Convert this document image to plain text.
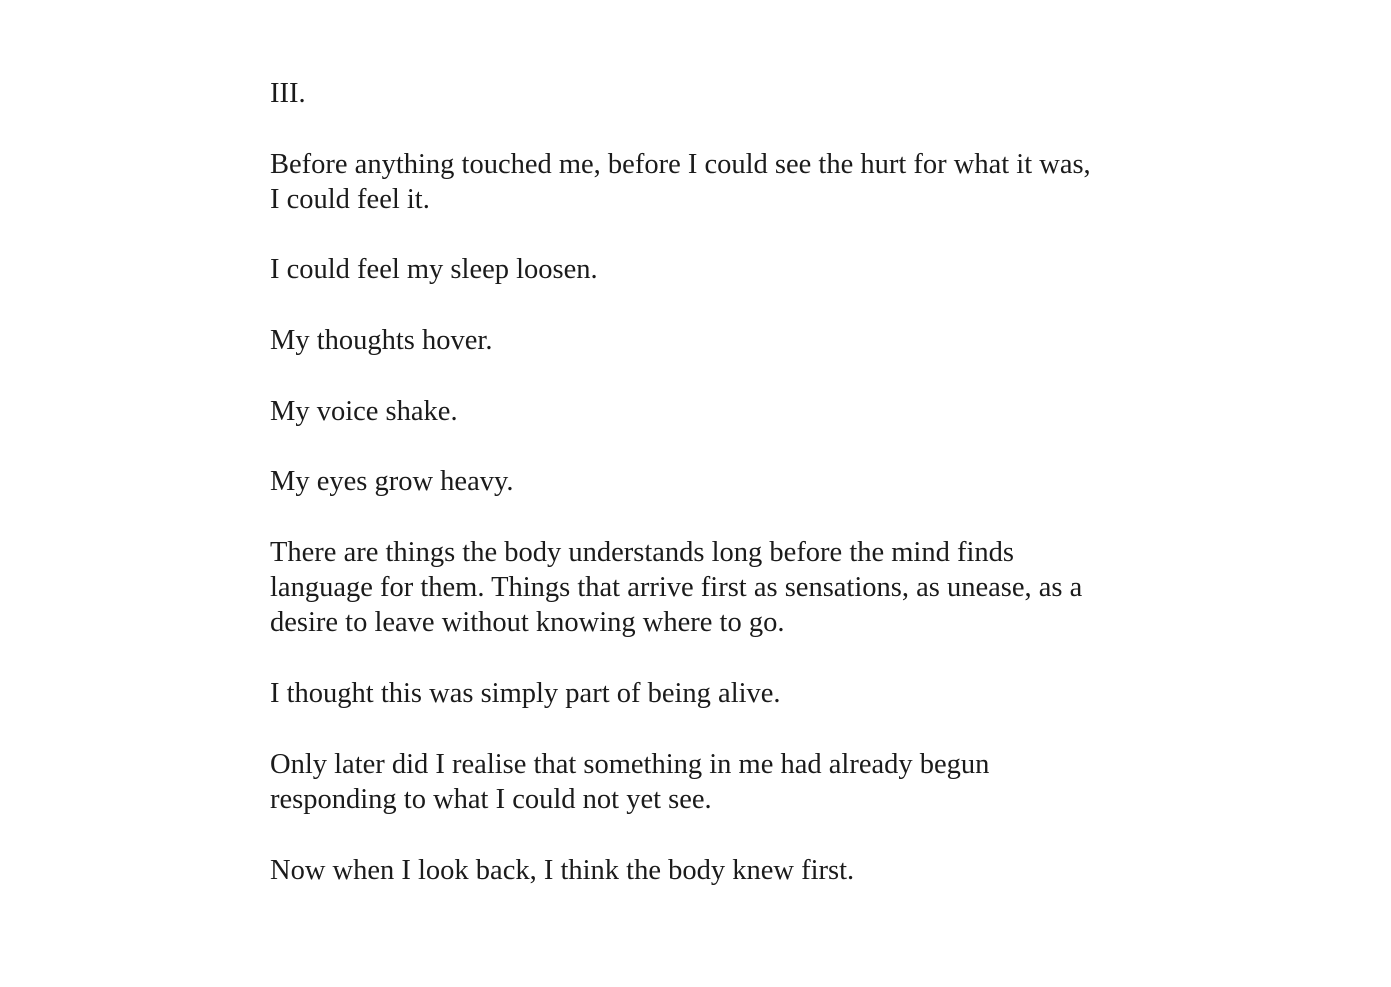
III.

Before anything touched me, before I could see the hurt for what it was,
I could feel it.

I could feel my sleep loosen.

My thoughts hover.

My voice shake.

My eyes grow heavy.

There are things the body understands long before the mind finds
language for them. Things that arrive first as sensations, as unease, as a
desire to leave without knowing where to go.

I thought this was simply part of being alive.

Only later did I realise that something in me had already begun
responding to what I could not yet see.

Now when I look back, I think the body knew first.
